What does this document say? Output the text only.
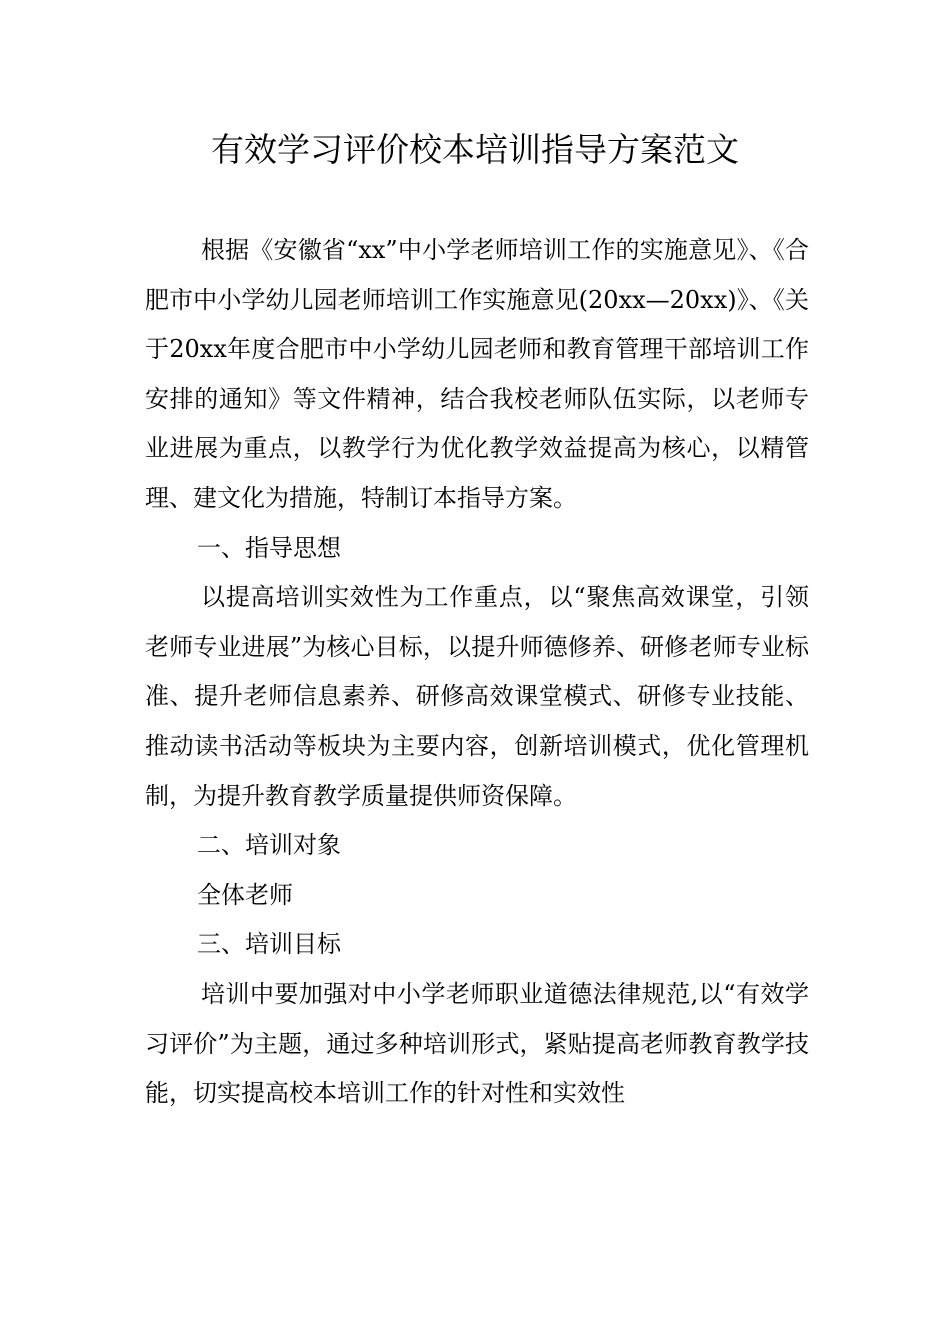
有效学习评价校本培训指导方案范文

根据《安徽省“xx”中小学老师培训工作的实施意见》、《合肥市中小学幼儿园老师培训工作实施意见(20xx—20xx)》、《关于20xx年度合肥市中小学幼儿园老师和教育管理干部培训工作安排的通知》等文件精神，结合我校老师队伍实际，以老师专业进展为重点，以教学行为优化教学效益提高为核心，以精管理、建文化为措施，特制订本指导方案。

一、指导思想

以提高培训实效性为工作重点，以“聚焦高效课堂，引领老师专业进展”为核心目标，以提升师德修养、研修老师专业标准、提升老师信息素养、研修高效课堂模式、研修专业技能、推动读书活动等板块为主要内容，创新培训模式，优化管理机制，为提升教育教学质量提供师资保障。

二、培训对象

全体老师

三、培训目标

培训中要加强对中小学老师职业道德法律规范,以“有效学习评价”为主题，通过多种培训形式，紧贴提高老师教育教学技能，切实提高校本培训工作的针对性和实效性
